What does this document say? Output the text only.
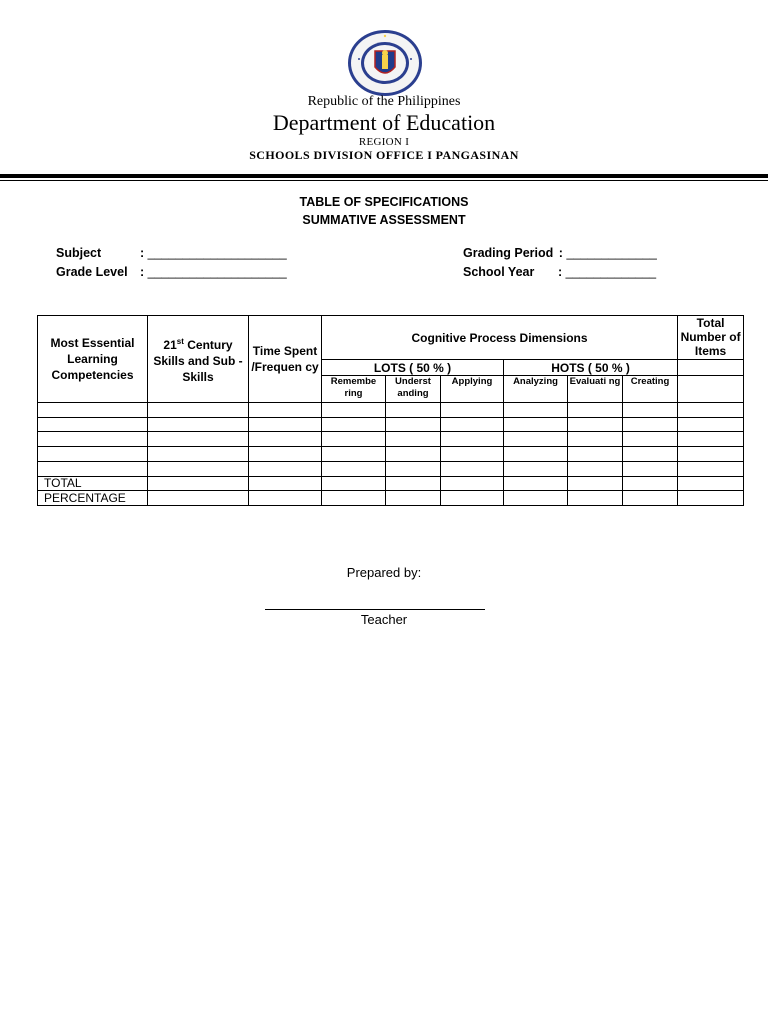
Republic of the Philippines
Department of Education
REGION I
SCHOOLS DIVISION OFFICE I PANGASINAN
TABLE OF SPECIFICATIONS
SUMMATIVE ASSESSMENT
Subject	: ____________________
Grade Level : ____________________
Grading Period : _____________
School Year : _____________
Most Essential Learning Competencies	21st Century Skills and Sub - Skills	Time Spent /Frequen cy	Cognitive Process Dimensions						Total Number of Items
			LOTS ( 50 % )			HOTS ( 50 % )			
			Remembe ring	Underst anding	Applying	Analyzing	Evaluati ng	Creating	

TOTAL									
PERCENTAGE									
Prepared by:
Teacher
